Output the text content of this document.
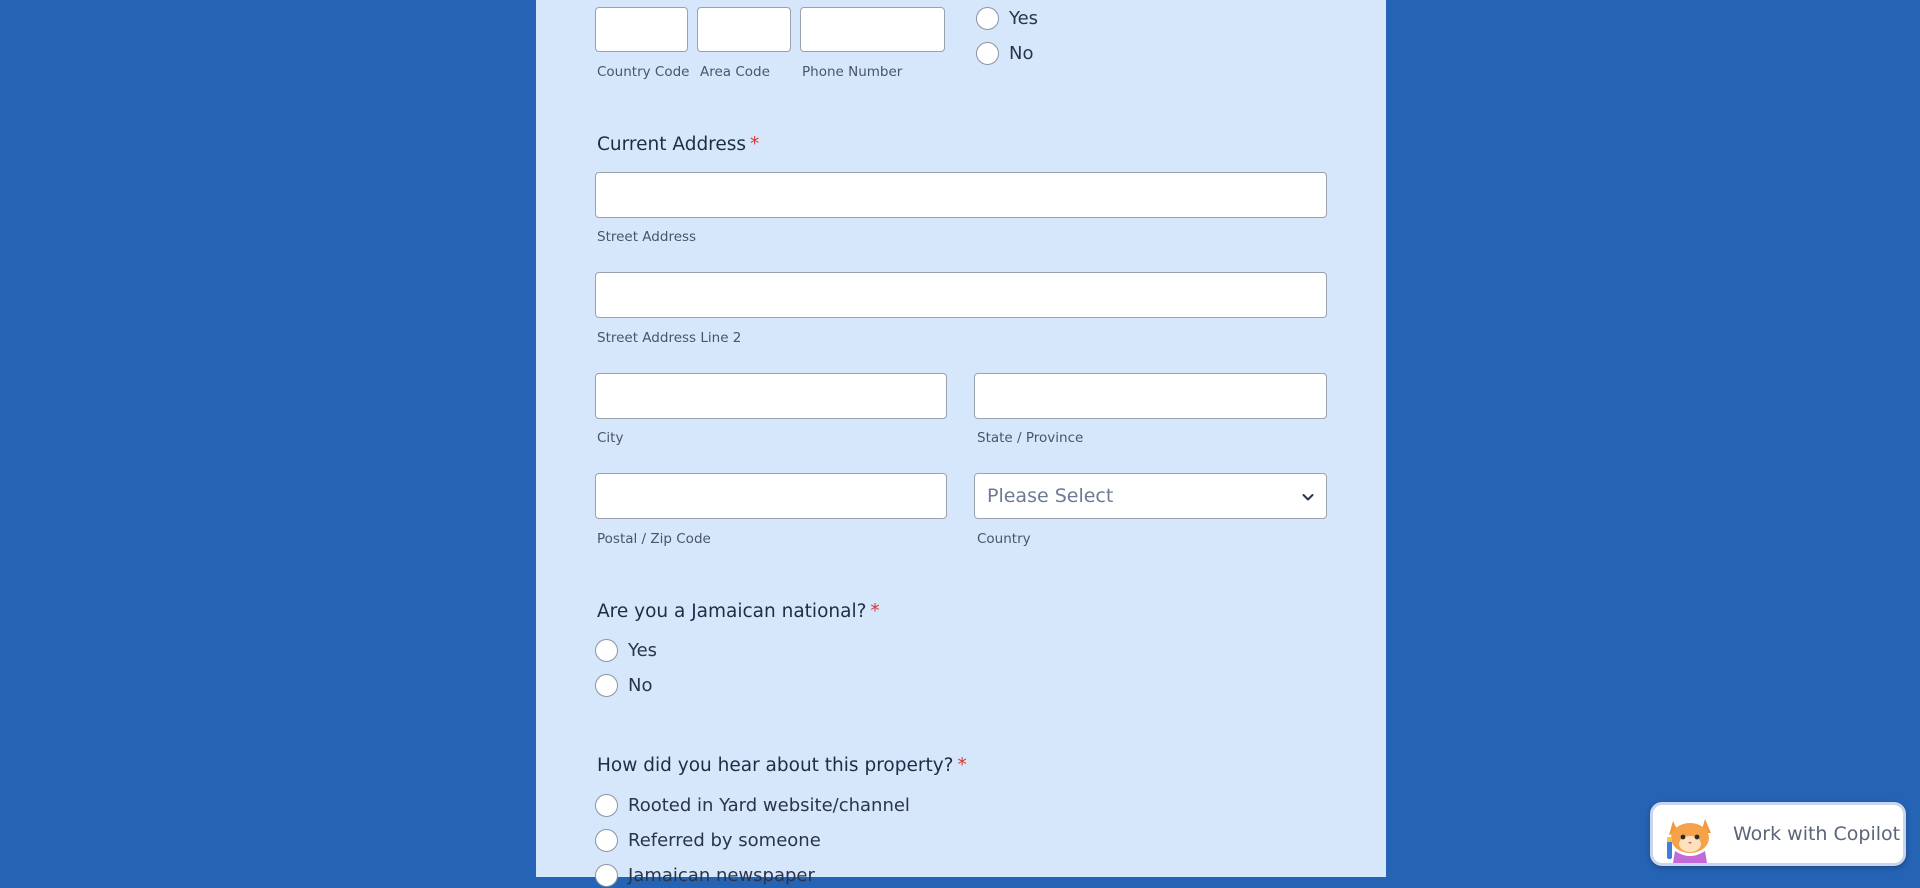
Country Code Area Code Phone Number
Yes
No
Current Address *
Street Address
Street Address Line 2
City	State / Province
Postal / Zip Code
Please Select
Country
Are you a Jamaican national? *
Yes
No
How did you hear about this property? *
Rooted in Yard website/channel
Referred by someone
Jamaican newspaper
Work with Copilot
